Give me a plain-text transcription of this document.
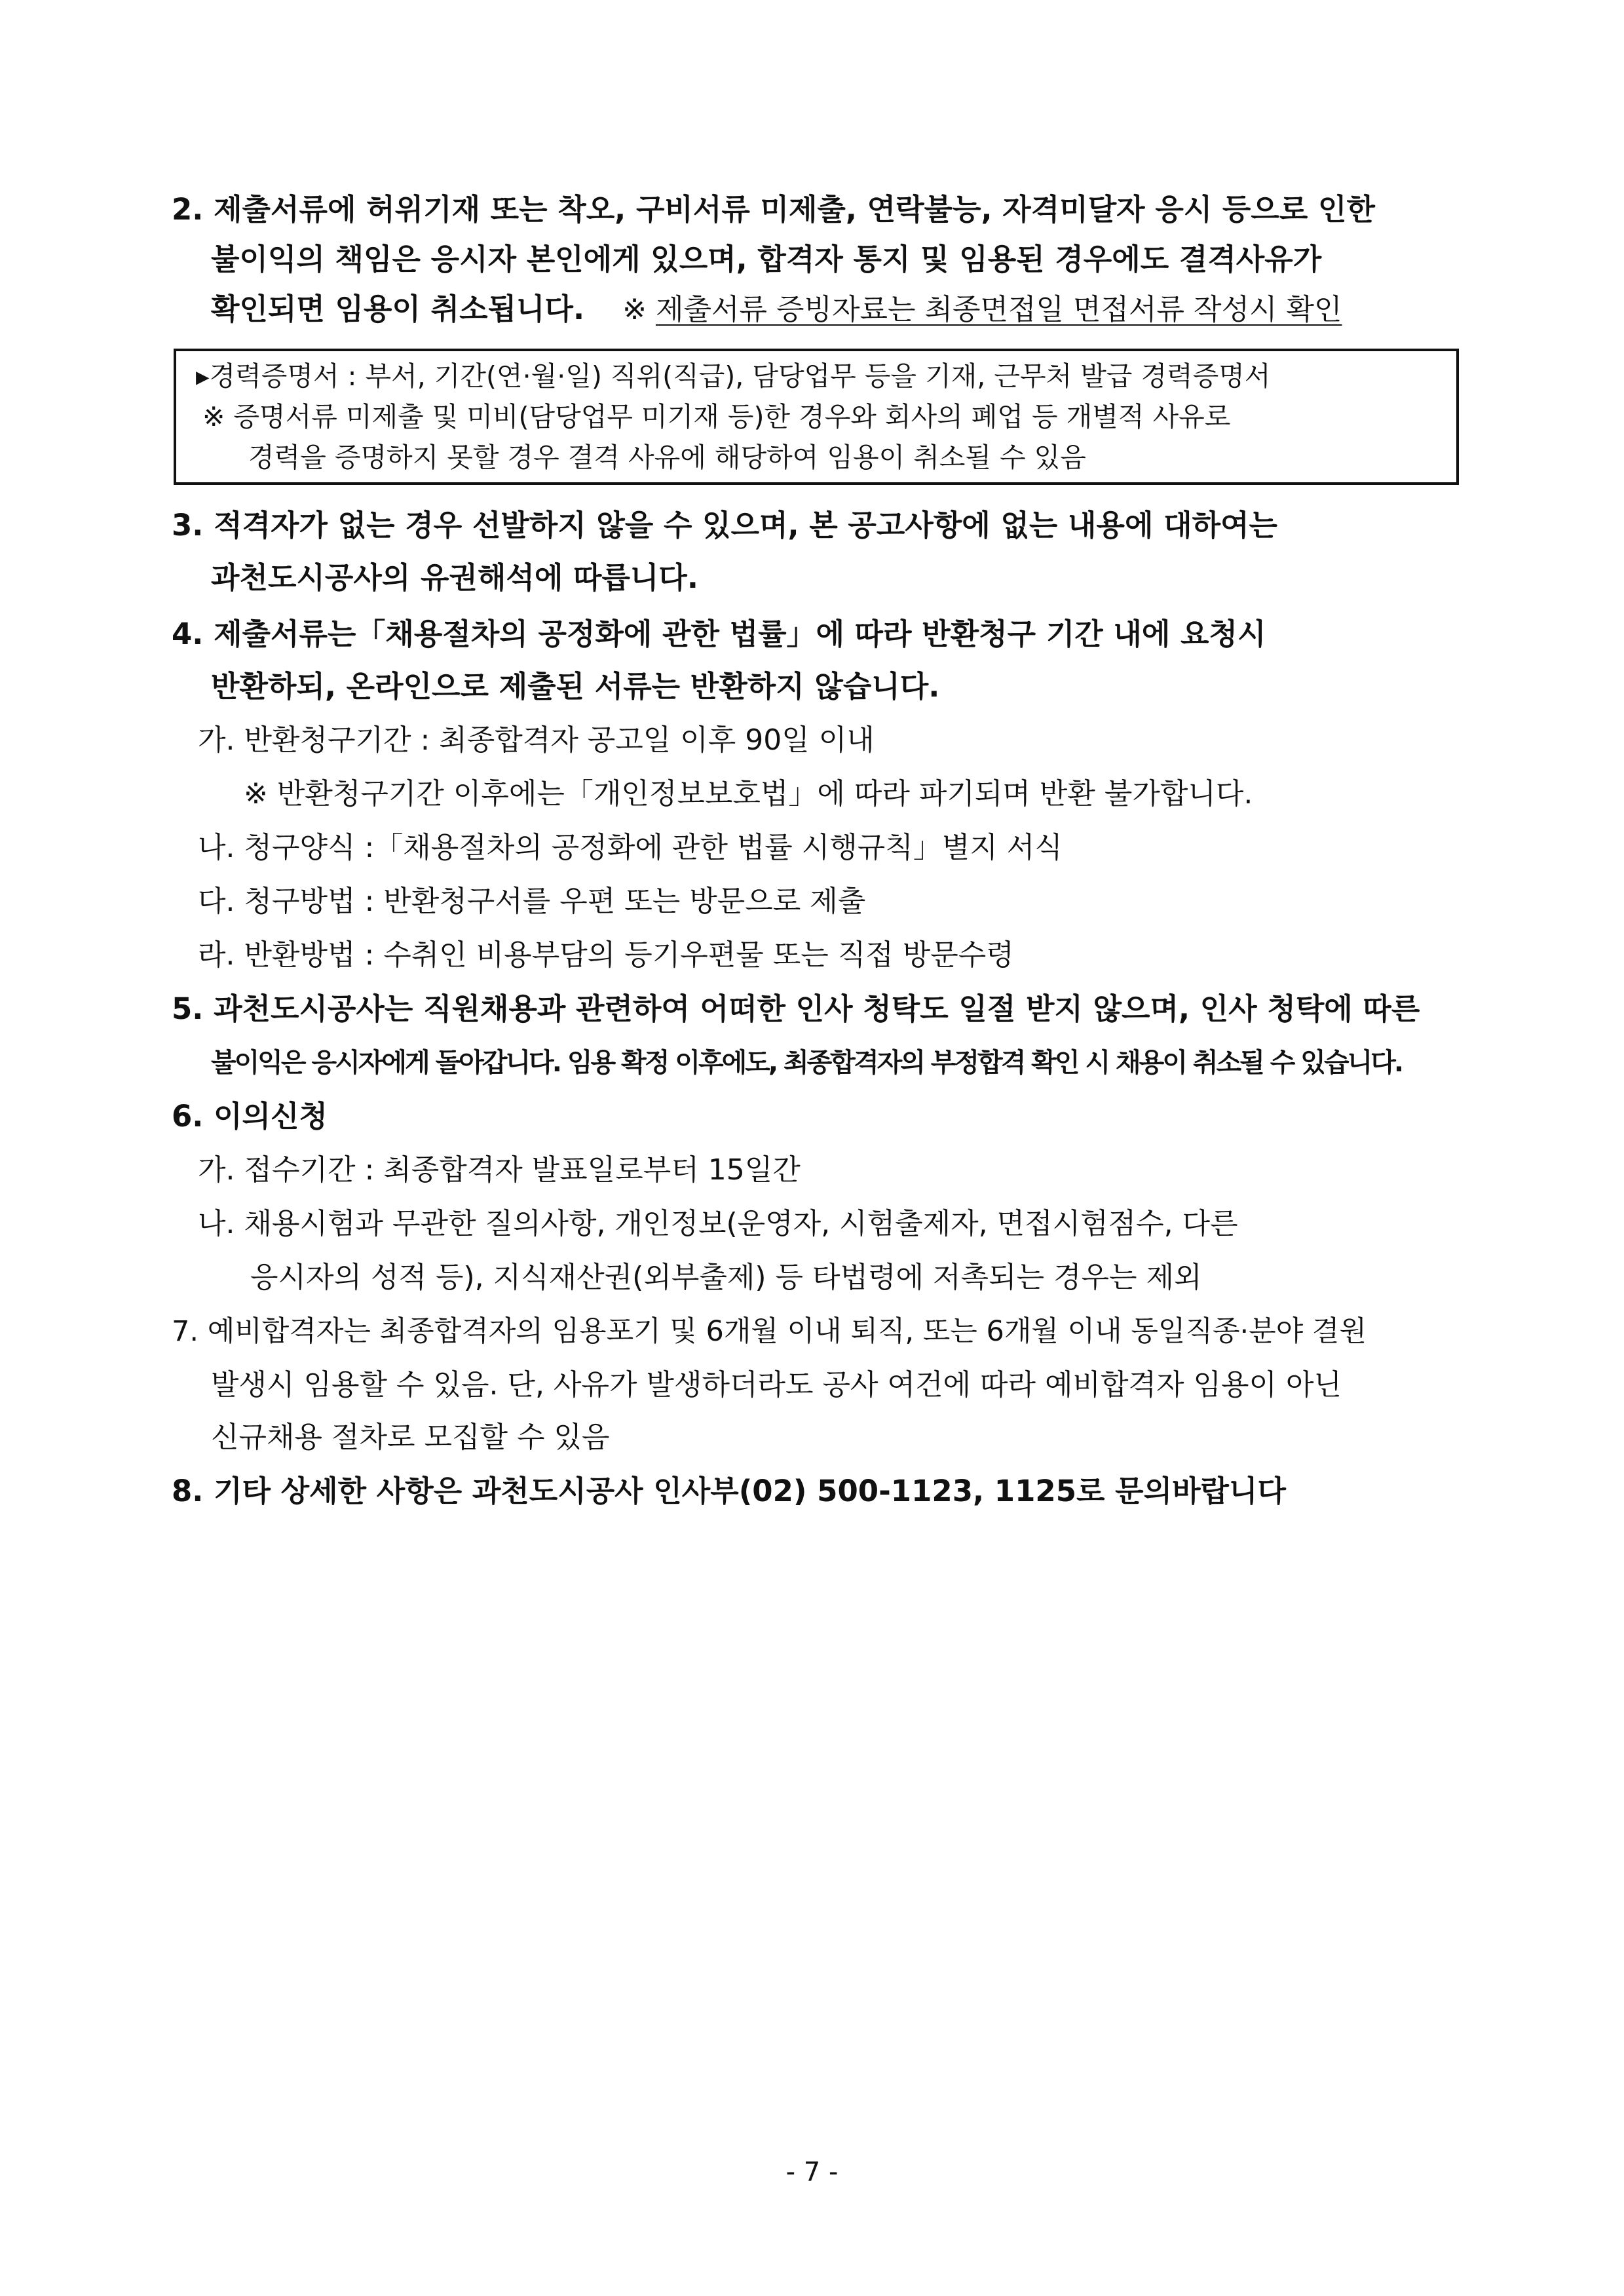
2. 제출서류에 허위기재 또는 착오, 구비서류 미제출, 연락불능, 자격미달자 응시 등으로 인한
불이익의 책임은 응시자 본인에게 있으며, 합격자 통지 및 임용된 경우에도 결격사유가
확인되면 임용이 취소됩니다. ※ 제출서류 증빙자료는 최종면접일 면접서류 작성시 확인
▸경력증명서 : 부서, 기간(연·월·일) 직위(직급), 담당업무 등을 기재, 근무처 발급 경력증명서
※ 증명서류 미제출 및 미비(담당업무 미기재 등)한 경우와 회사의 폐업 등 개별적 사유로
경력을 증명하지 못할 경우 결격 사유에 해당하여 임용이 취소될 수 있음
3. 적격자가 없는 경우 선발하지 않을 수 있으며, 본 공고사항에 없는 내용에 대하여는
과천도시공사의 유권해석에 따릅니다.
4. 제출서류는「채용절차의 공정화에 관한 법률」에 따라 반환청구 기간 내에 요청시
반환하되, 온라인으로 제출된 서류는 반환하지 않습니다.
가. 반환청구기간 : 최종합격자 공고일 이후 90일 이내
※ 반환청구기간 이후에는「개인정보보호법」에 따라 파기되며 반환 불가합니다.
나. 청구양식 :「채용절차의 공정화에 관한 법률 시행규칙」별지 서식
다. 청구방법 : 반환청구서를 우편 또는 방문으로 제출
라. 반환방법 : 수취인 비용부담의 등기우편물 또는 직접 방문수령
5. 과천도시공사는 직원채용과 관련하여 어떠한 인사 청탁도 일절 받지 않으며, 인사 청탁에 따른
불이익은 응시자에게 돌아갑니다. 임용 확정 이후에도, 최종합격자의 부정합격 확인 시 채용이 취소될 수 있습니다.
6. 이의신청
가. 접수기간 : 최종합격자 발표일로부터 15일간
나. 채용시험과 무관한 질의사항, 개인정보(운영자, 시험출제자, 면접시험점수, 다른
응시자의 성적 등), 지식재산권(외부출제) 등 타법령에 저촉되는 경우는 제외
7. 예비합격자는 최종합격자의 임용포기 및 6개월 이내 퇴직, 또는 6개월 이내 동일직종·분야 결원
발생시 임용할 수 있음. 단, 사유가 발생하더라도 공사 여건에 따라 예비합격자 임용이 아닌
신규채용 절차로 모집할 수 있음
8. 기타 상세한 사항은 과천도시공사 인사부(02) 500-1123, 1125로 문의바랍니다
- 7 -
